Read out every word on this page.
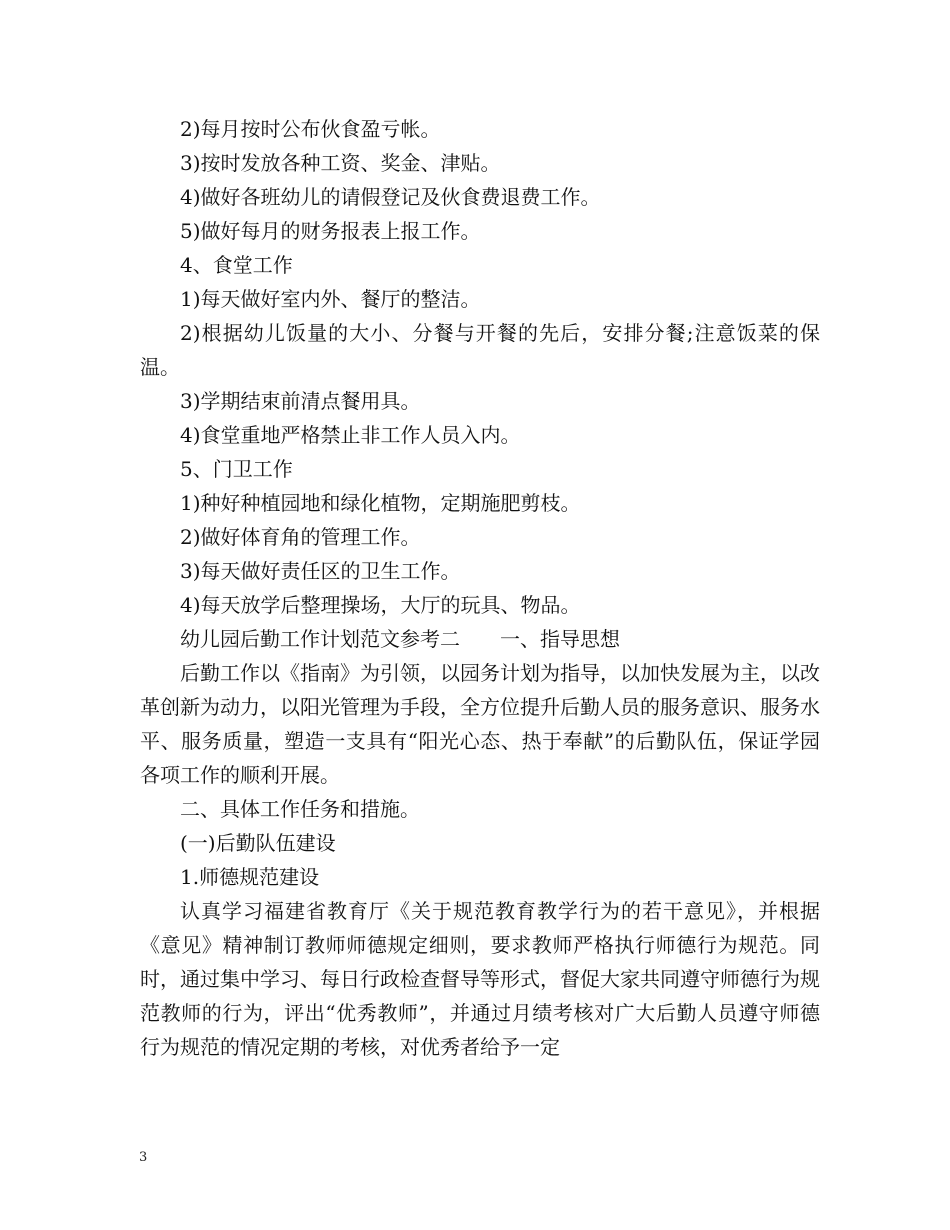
2)每月按时公布伙食盈亏帐。

3)按时发放各种工资、奖金、津贴。

4)做好各班幼儿的请假登记及伙食费退费工作。

5)做好每月的财务报表上报工作。

4、食堂工作

1)每天做好室内外、餐厅的整洁。

2)根据幼儿饭量的大小、分餐与开餐的先后，安排分餐;注意饭菜的保温。

3)学期结束前清点餐用具。

4)食堂重地严格禁止非工作人员入内。

5、门卫工作

1)种好种植园地和绿化植物，定期施肥剪枝。

2)做好体育角的管理工作。

3)每天做好责任区的卫生工作。

4)每天放学后整理操场，大厅的玩具、物品。

幼儿园后勤工作计划范文参考二　　一、指导思想

后勤工作以《指南》为引领，以园务计划为指导，以加快发展为主，以改革创新为动力，以阳光管理为手段，全方位提升后勤人员的服务意识、服务水平、服务质量，塑造一支具有“阳光心态、热于奉献”的后勤队伍，保证学园各项工作的顺利开展。

二、具体工作任务和措施。

(一)后勤队伍建设

1.师德规范建设

认真学习福建省教育厅《关于规范教育教学行为的若干意见》，并根据《意见》精神制订教师师德规定细则，要求教师严格执行师德行为规范。同时，通过集中学习、每日行政检查督导等形式，督促大家共同遵守师德行为规范教师的行为，评出“优秀教师”，并通过月绩考核对广大后勤人员遵守师德行为规范的情况定期的考核，对优秀者给予一定

3
